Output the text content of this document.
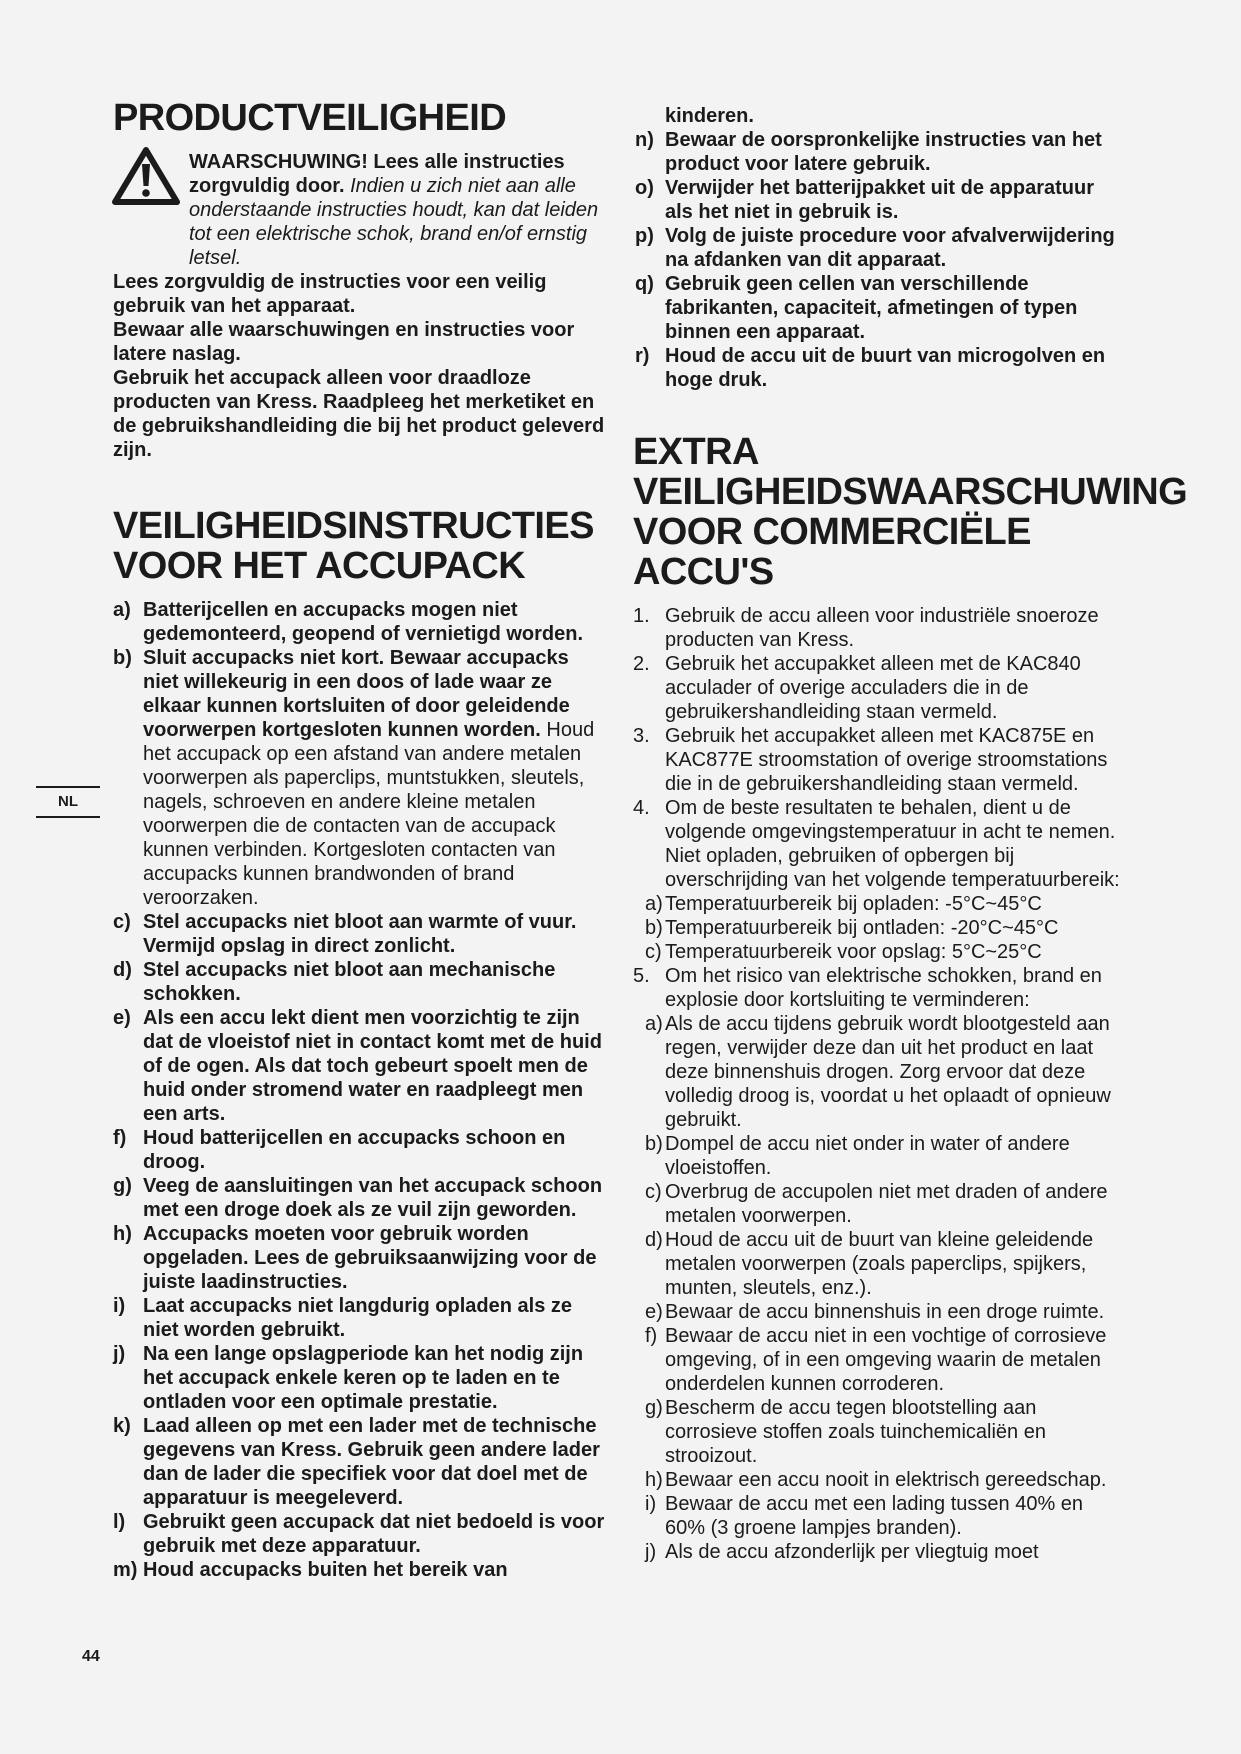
PRODUCTVEILIGHEID

WAARSCHUWING! Lees alle instructies zorgvuldig door. Indien u zich niet aan alle onderstaande instructies houdt, kan dat leiden tot een elektrische schok, brand en/of ernstig letsel.

Lees zorgvuldig de instructies voor een veilig gebruik van het apparaat.

Bewaar alle waarschuwingen en instructies voor latere naslag.

Gebruik het accupack alleen voor draadloze producten van Kress. Raadpleeg het merketiket en de gebruikshandleiding die bij het product geleverd zijn.

VEILIGHEIDSINSTRUCTIES VOOR HET ACCUPACK
a) Batterijcellen en accupacks mogen niet gedemonteerd, geopend of vernietigd worden.
b) Sluit accupacks niet kort. Bewaar accupacks niet willekeurig in een doos of lade waar ze elkaar kunnen kortsluiten of door geleidende voorwerpen kortgesloten kunnen worden. Houd het accupack op een afstand van andere metalen voorwerpen als paperclips, muntstukken, sleutels, nagels, schroeven en andere kleine metalen voorwerpen die de contacten van de accupack kunnen verbinden. Kortgesloten contacten van accupacks kunnen brandwonden of brand veroorzaken.
c) Stel accupacks niet bloot aan warmte of vuur. Vermijd opslag in direct zonlicht.
d) Stel accupacks niet bloot aan mechanische schokken.
e) Als een accu lekt dient men voorzichtig te zijn dat de vloeistof niet in contact komt met de huid of de ogen. Als dat toch gebeurt spoelt men de huid onder stromend water en raadpleegt men een arts.
f) Houd batterijcellen en accupacks schoon en droog.
g) Veeg de aansluitingen van het accupack schoon met een droge doek als ze vuil zijn geworden.
h) Accupacks moeten voor gebruik worden opgeladen. Lees de gebruiksaanwijzing voor de juiste laadinstructies.
i) Laat accupacks niet langdurig opladen als ze niet worden gebruikt.
j) Na een lange opslagperiode kan het nodig zijn het accupack enkele keren op te laden en te ontladen voor een optimale prestatie.
k) Laad alleen op met een lader met de technische gegevens van Kress. Gebruik geen andere lader dan de lader die specifiek voor dat doel met de apparatuur is meegeleverd.
l) Gebruikt geen accupack dat niet bedoeld is voor gebruik met deze apparatuur.
m) Houd accupacks buiten het bereik van
kinderen.
n) Bewaar de oorspronkelijke instructies van het product voor latere gebruik.
o) Verwijder het batterijpakket uit de apparatuur als het niet in gebruik is.
p) Volg de juiste procedure voor afvalverwijdering na afdanken van dit apparaat.
q) Gebruik geen cellen van verschillende fabrikanten, capaciteit, afmetingen of typen binnen een apparaat.
r) Houd de accu uit de buurt van microgolven en hoge druk.
EXTRA
VEILIGHEIDSWAARSCHUWING
VOOR COMMERCIËLE ACCU'S
1. Gebruik de accu alleen voor industriële snoeroze producten van Kress.
2. Gebruik het accupakket alleen met de KAC840 acculader of overige acculaders die in de gebruikershandleiding staan vermeld.
3. Gebruik het accupakket alleen met KAC875E en KAC877E stroomstation of overige stroomstations die in de gebruikershandleiding staan vermeld.
4. Om de beste resultaten te behalen, dient u de volgende omgevingstemperatuur in acht te nemen. Niet opladen, gebruiken of opbergen bij overschrijding van het volgende temperatuurbereik:
a) Temperatuurbereik bij opladen: -5°C~45°C
b) Temperatuurbereik bij ontladen: -20°C~45°C
c) Temperatuurbereik voor opslag: 5°C~25°C
5. Om het risico van elektrische schokken, brand en explosie door kortsluiting te verminderen:
a) Als de accu tijdens gebruik wordt blootgesteld aan regen, verwijder deze dan uit het product en laat deze binnenshuis drogen. Zorg ervoor dat deze volledig droog is, voordat u het oplaadt of opnieuw gebruikt.
b) Dompel de accu niet onder in water of andere vloeistoffen.
c) Overbrug de accupolen niet met draden of andere metalen voorwerpen.
d) Houd de accu uit de buurt van kleine geleidende metalen voorwerpen (zoals paperclips, spijkers, munten, sleutels, enz.).
e) Bewaar de accu binnenshuis in een droge ruimte.
f) Bewaar de accu niet in een vochtige of corrosieve omgeving, of in een omgeving waarin de metalen onderdelen kunnen corroderen.
g) Bescherm de accu tegen blootstelling aan corrosieve stoffen zoals tuinchemicaliën en strooizout.
h) Bewaar een accu nooit in elektrisch gereedschap.
i) Bewaar de accu met een lading tussen 40% en 60% (3 groene lampjes branden).
j) Als de accu afzonderlijk per vliegtuig moet
NL
44
